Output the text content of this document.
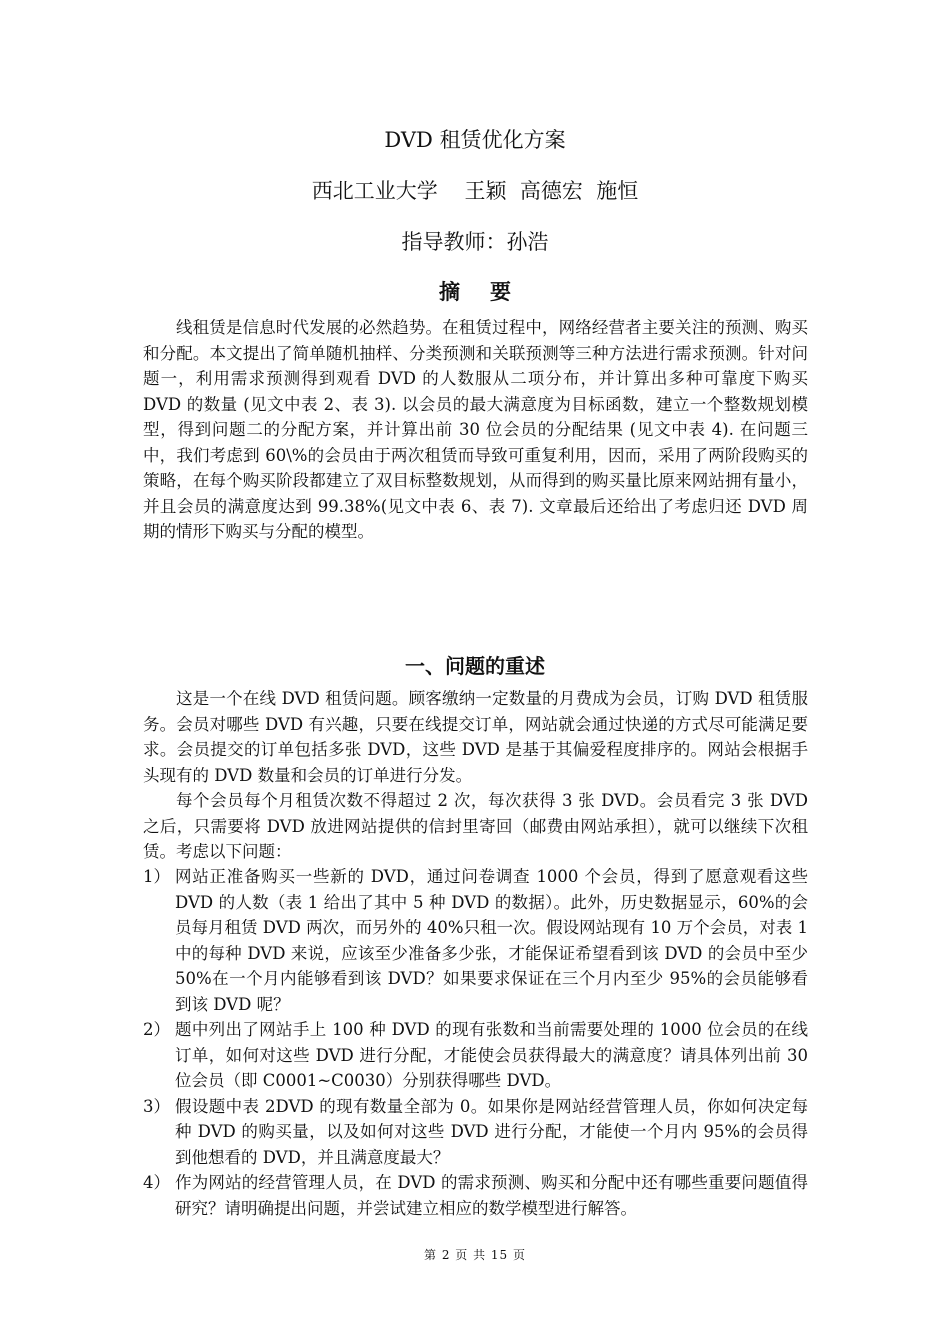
DVD 租赁优化方案
西北工业大学    王颖  高德宏  施恒
指导教师：孙浩
摘要

线租赁是信息时代发展的必然趋势。在租赁过程中，网络经营者主要关注的预测、购买和分配。本文提出了简单随机抽样、分类预测和关联预测等三种方法进行需求预测。针对问题一，利用需求预测得到观看 DVD 的人数服从二项分布，并计算出多种可靠度下购买 DVD 的数量 (见文中表 2、表 3). 以会员的最大满意度为目标函数，建立一个整数规划模型，得到问题二的分配方案，并计算出前 30 位会员的分配结果 (见文中表 4). 在问题三中，我们考虑到 60\%的会员由于两次租赁而导致可重复利用，因而，采用了两阶段购买的策略，在每个购买阶段都建立了双目标整数规划，从而得到的购买量比原来网站拥有量小，并且会员的满意度达到 99.38%(见文中表 6、表 7). 文章最后还给出了考虑归还 DVD 周期的情形下购买与分配的模型。

一、问题的重述

这是一个在线 DVD 租赁问题。顾客缴纳一定数量的月费成为会员，订购 DVD 租赁服务。会员对哪些 DVD 有兴趣，只要在线提交订单，网站就会通过快递的方式尽可能满足要求。会员提交的订单包括多张 DVD，这些 DVD 是基于其偏爱程度排序的。网站会根据手头现有的 DVD 数量和会员的订单进行分发。

每个会员每个月租赁次数不得超过 2 次，每次获得 3 张 DVD。会员看完 3 张 DVD 之后，只需要将 DVD 放进网站提供的信封里寄回（邮费由网站承担），就可以继续下次租赁。考虑以下问题：

1） 网站正准备购买一些新的 DVD，通过问卷调查 1000 个会员，得到了愿意观看这些 DVD 的人数（表 1 给出了其中 5 种 DVD 的数据）。此外，历史数据显示，60%的会员每月租赁 DVD 两次，而另外的 40%只租一次。假设网站现有 10 万个会员，对表 1 中的每种 DVD 来说，应该至少准备多少张，才能保证希望看到该 DVD 的会员中至少 50%在一个月内能够看到该 DVD？如果要求保证在三个月内至少 95%的会员能够看到该 DVD 呢？
2） 题中列出了网站手上 100 种 DVD 的现有张数和当前需要处理的 1000 位会员的在线订单，如何对这些 DVD 进行分配，才能使会员获得最大的满意度？请具体列出前 30 位会员（即 C0001~C0030）分别获得哪些 DVD。
3） 假设题中表 2DVD 的现有数量全部为 0。如果你是网站经营管理人员，你如何决定每种 DVD 的购买量，以及如何对这些 DVD 进行分配，才能使一个月内 95%的会员得到他想看的 DVD，并且满意度最大？
4） 作为网站的经营管理人员，在 DVD 的需求预测、购买和分配中还有哪些重要问题值得研究？请明确提出问题，并尝试建立相应的数学模型进行解答。
第 2 页 共 15 页
